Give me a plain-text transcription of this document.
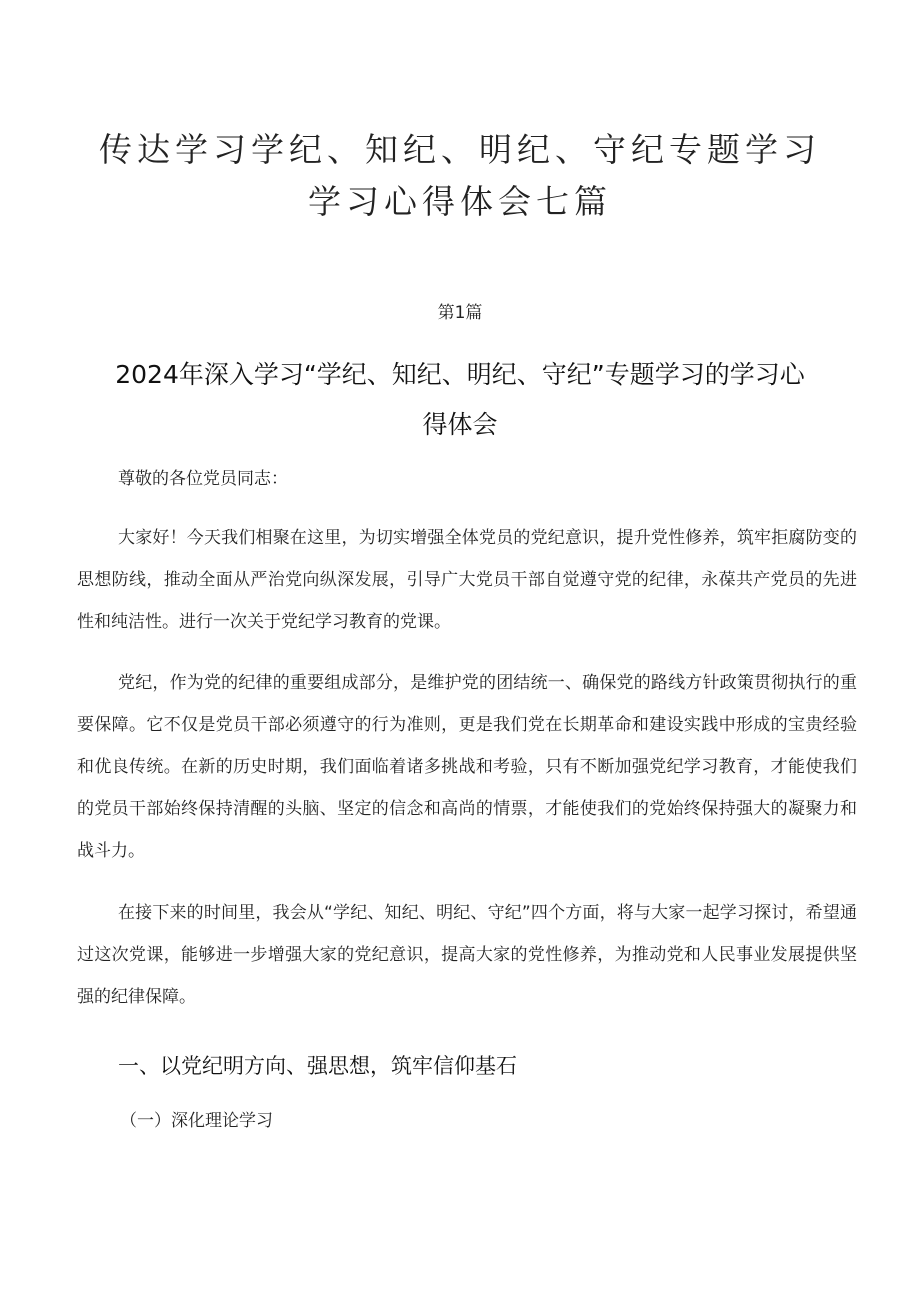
传达学习学纪、知纪、明纪、守纪专题学习学习心得体会七篇
第1篇
2024年深入学习“学纪、知纪、明纪、守纪”专题学习的学习心得体会
尊敬的各位党员同志：

大家好！今天我们相聚在这里，为切实增强全体党员的党纪意识，提升党性修养，筑牢拒腐防变的思想防线，推动全面从严治党向纵深发展，引导广大党员干部自觉遵守党的纪律，永葆共产党员的先进性和纯洁性。进行一次关于党纪学习教育的党课。

党纪，作为党的纪律的重要组成部分，是维护党的团结统一、确保党的路线方针政策贯彻执行的重要保障。它不仅是党员干部必须遵守的行为准则，更是我们党在长期革命和建设实践中形成的宝贵经验和优良传统。在新的历史时期，我们面临着诸多挑战和考验，只有不断加强党纪学习教育，才能使我们的党员干部始终保持清醒的头脑、坚定的信念和高尚的情票，才能使我们的党始终保持强大的凝聚力和战斗力。

在接下来的时间里，我会从“学纪、知纪、明纪、守纪”四个方面，将与大家一起学习探讨，希望通过这次党课，能够进一步增强大家的党纪意识，提高大家的党性修养，为推动党和人民事业发展提供坚强的纪律保障。

一、以党纪明方向、强思想，筑牢信仰基石
（一）深化理论学习
